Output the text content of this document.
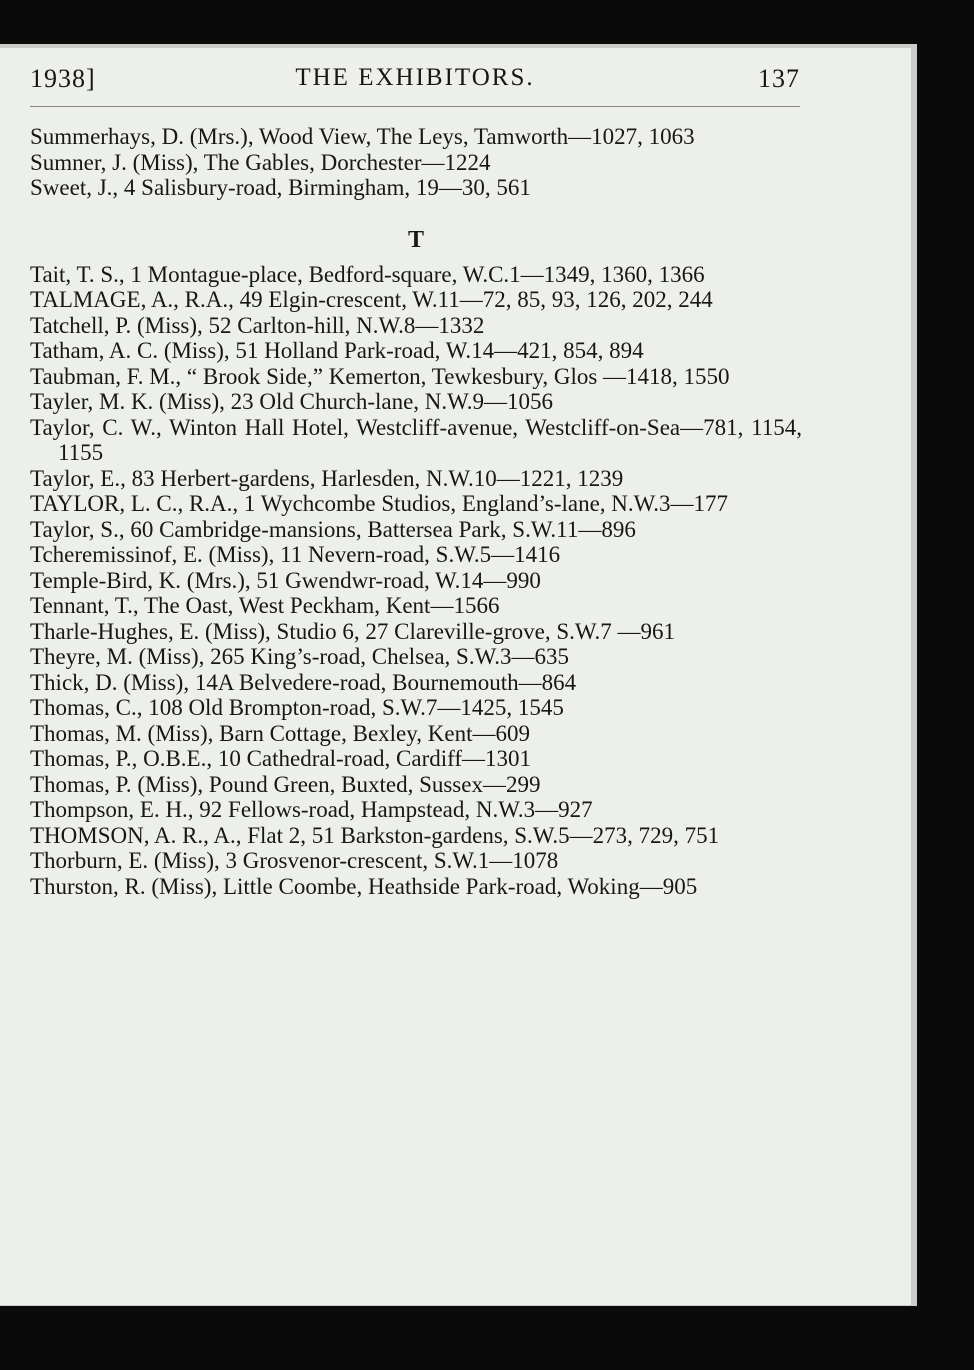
1938]	THE EXHIBITORS.	137
Summerhays, D. (Mrs.), Wood View, The Leys, Tamworth—1027, 1063
Sumner, J. (Miss), The Gables, Dorchester—1224
Sweet, J., 4 Salisbury-road, Birmingham, 19—30, 561
T
Tait, T. S., 1 Montague-place, Bedford-square, W.C.1—1349, 1360, 1366
TALMAGE, A., R.A., 49 Elgin-crescent, W.11—72, 85, 93, 126, 202, 244
Tatchell, P. (Miss), 52 Carlton-hill, N.W.8—1332
Tatham, A. C. (Miss), 51 Holland Park-road, W.14—421, 854, 894
Taubman, F. M., “ Brook Side,” Kemerton, Tewkesbury, Glos —1418, 1550
Tayler, M. K. (Miss), 23 Old Church-lane, N.W.9—1056
Taylor, C. W., Winton Hall Hotel, Westcliff-avenue, Westcliff-on-Sea—781, 1154, 1155
Taylor, E., 83 Herbert-gardens, Harlesden, N.W.10—1221, 1239
TAYLOR, L. C., R.A., 1 Wychcombe Studios, England’s-lane, N.W.3—177
Taylor, S., 60 Cambridge-mansions, Battersea Park, S.W.11—896
Tcheremissinof, E. (Miss), 11 Nevern-road, S.W.5—1416
Temple-Bird, K. (Mrs.), 51 Gwendwr-road, W.14—990
Tennant, T., The Oast, West Peckham, Kent—1566
Tharle-Hughes, E. (Miss), Studio 6, 27 Clareville-grove, S.W.7 —961
Theyre, M. (Miss), 265 King’s-road, Chelsea, S.W.3—635
Thick, D. (Miss), 14A Belvedere-road, Bournemouth—864
Thomas, C., 108 Old Brompton-road, S.W.7—1425, 1545
Thomas, M. (Miss), Barn Cottage, Bexley, Kent—609
Thomas, P., O.B.E., 10 Cathedral-road, Cardiff—1301
Thomas, P. (Miss), Pound Green, Buxted, Sussex—299
Thompson, E. H., 92 Fellows-road, Hampstead, N.W.3—927
THOMSON, A. R., A., Flat 2, 51 Barkston-gardens, S.W.5—273, 729, 751
Thorburn, E. (Miss), 3 Grosvenor-crescent, S.W.1—1078
Thurston, R. (Miss), Little Coombe, Heathside Park-road, Woking—905
